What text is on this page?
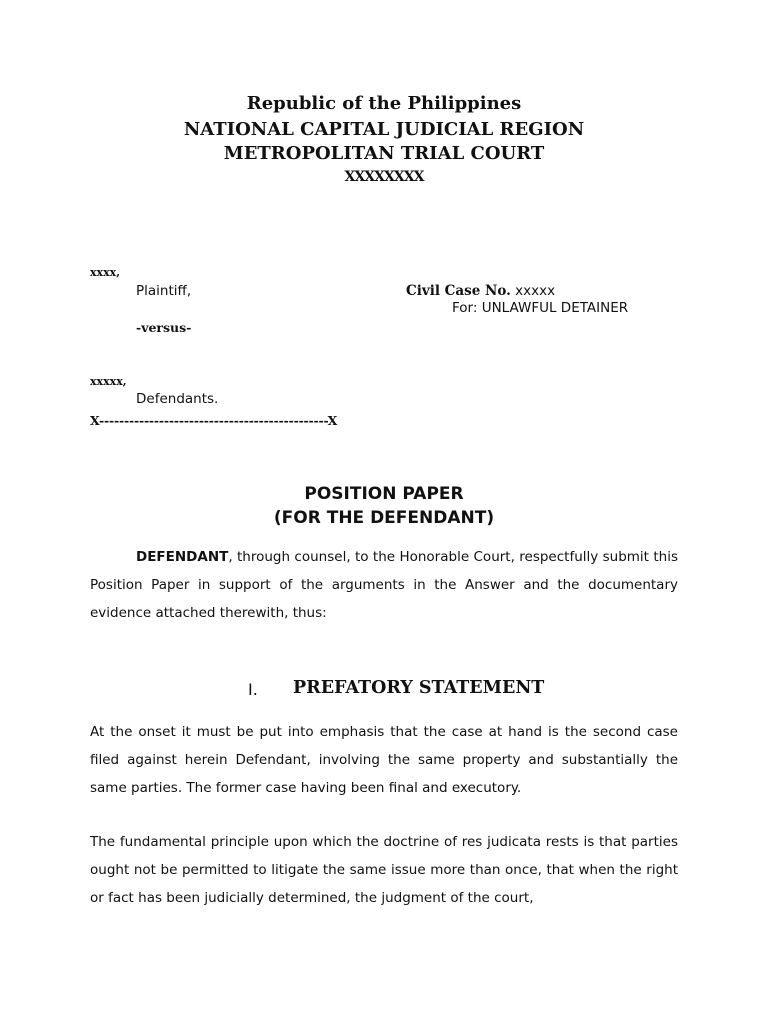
Republic of the Philippines
NATIONAL CAPITAL JUDICIAL REGION
METROPOLITAN TRIAL COURT
XXXXXXXX
xxxx,
Plaintiff,	Civil Case No. xxxxx
For: UNLAWFUL DETAINER
-versus-
xxxxx,
Defendants.
X----------------------------------------------X
POSITION PAPER
(FOR THE DEFENDANT)
DEFENDANT, through counsel, to the Honorable Court, respectfully submit this Position Paper in support of the arguments in the Answer and the documentary evidence attached therewith, thus:
I. PREFATORY STATEMENT
At the onset it must be put into emphasis that the case at hand is the second case filed against herein Defendant, involving the same property and substantially the same parties. The former case having been final and executory.
The fundamental principle upon which the doctrine of res judicata rests is that parties ought not be permitted to litigate the same issue more than once, that when the right or fact has been judicially determined, the judgment of the court,
